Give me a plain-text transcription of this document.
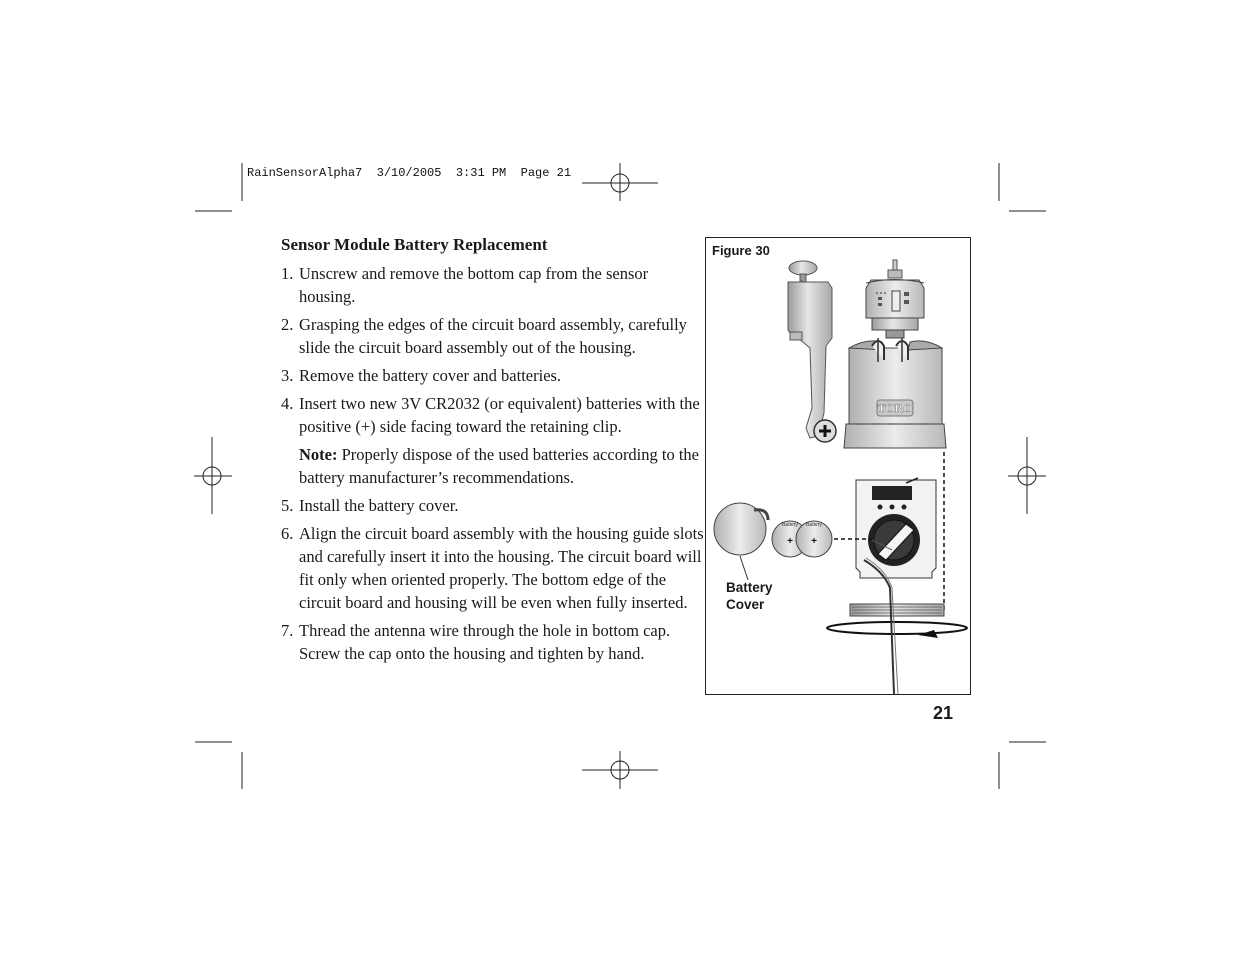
RainSensorAlpha7  3/10/2005  3:31 PM  Page 21
Sensor Module Battery Replacement
1. Unscrew and remove the bottom cap from the sensor housing.
2. Grasping the edges of the circuit board assembly, carefully slide the circuit board assembly out of the housing.
3. Remove the battery cover and batteries.
4. Insert two new 3V CR2032 (or equivalent) batteries with the positive (+) side facing toward the retaining clip.
Note: Properly dispose of the used batteries according to the battery manufacturer’s recommendations.
5. Install the battery cover.
6. Align the circuit board assembly with the housing guide slots and carefully insert it into the housing. The circuit board will fit only when oriented properly. The bottom edge of the circuit board and housing will be even when fully inserted.
7. Thread the antenna wire through the hole in bottom cap. Screw the cap onto the housing and tighten by hand.
TORO
+ +
Battery Battery
Figure 30
Battery
Cover
21
